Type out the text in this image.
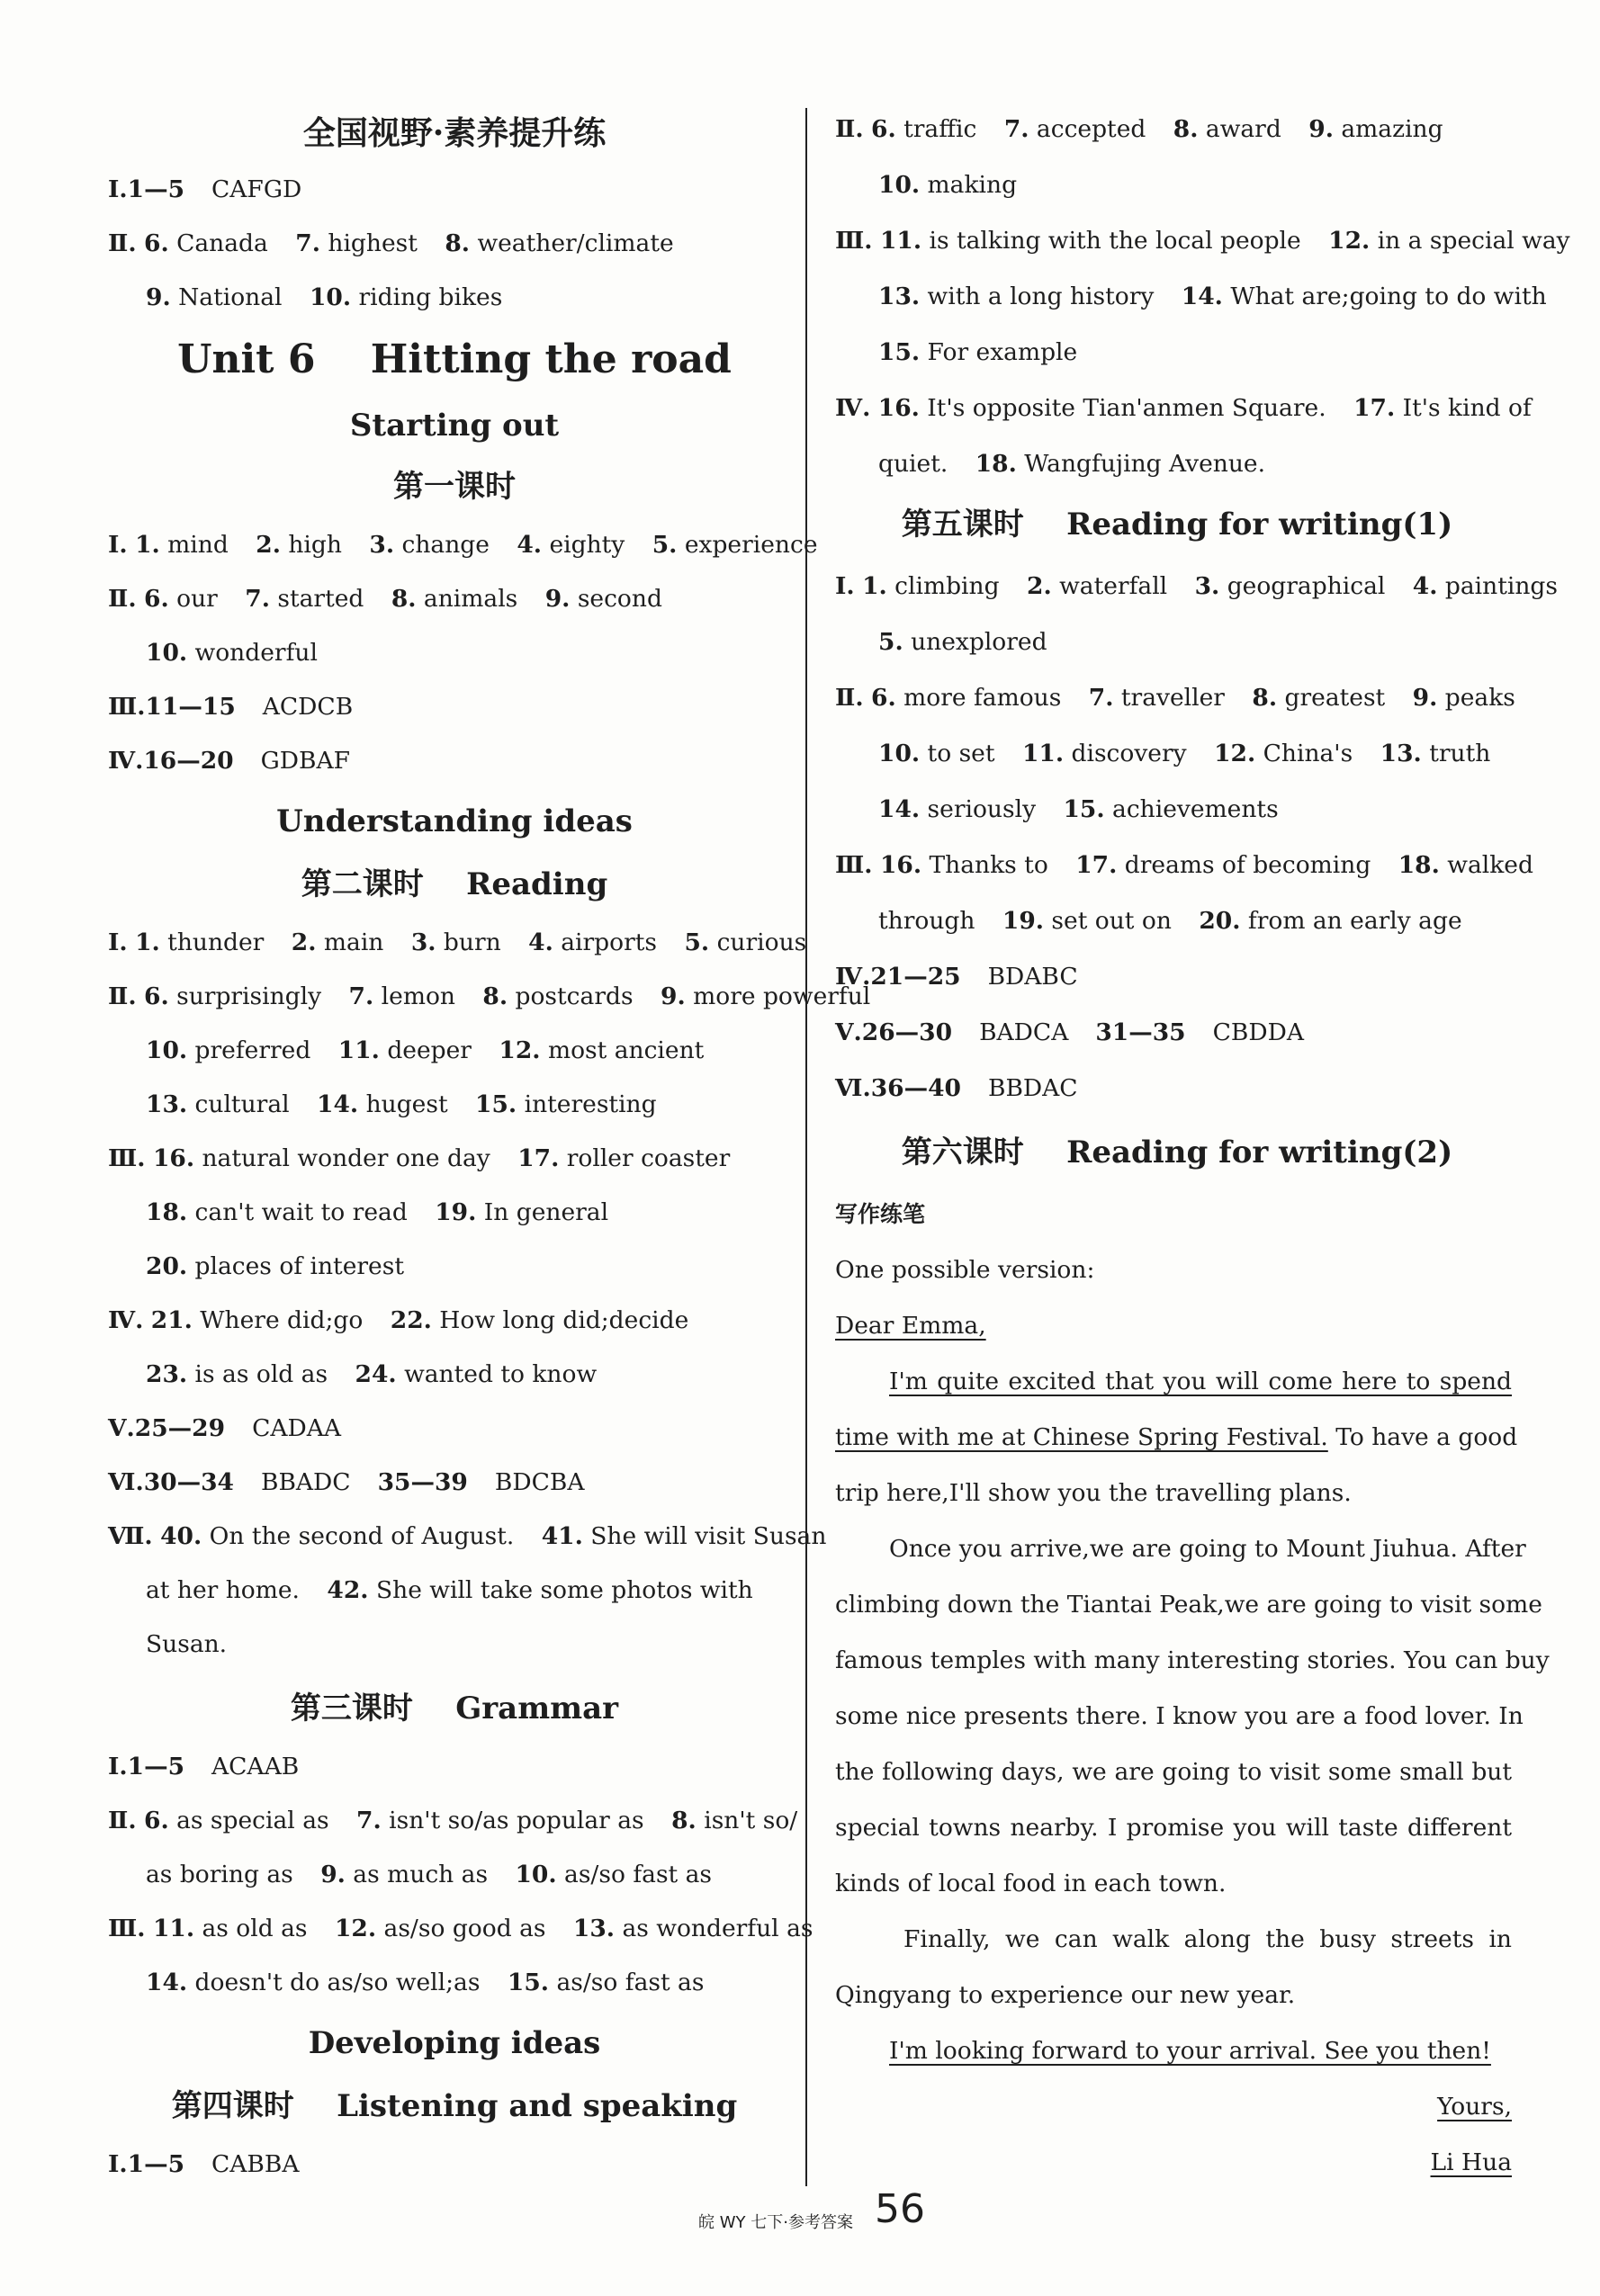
全国视野·素养提升练
Ⅰ.1—5 CAFGD
Ⅱ. 6. Canada 7. highest 8. weather/climate
9. National 10. riding bikes
Unit 6    Hitting the road
Starting out
第一课时
Ⅰ. 1. mind 2. high 3. change 4. eighty 5. experience
Ⅱ. 6. our 7. started 8. animals 9. second
10. wonderful
Ⅲ.11—15 ACDCB
Ⅳ.16—20 GDBAF
Understanding ideas
第二课时    Reading
Ⅰ. 1. thunder 2. main 3. burn 4. airports 5. curious
Ⅱ. 6. surprisingly 7. lemon 8. postcards 9. more powerful
10. preferred 11. deeper 12. most ancient
13. cultural 14. hugest 15. interesting
Ⅲ. 16. natural wonder one day 17. roller coaster
18. can't wait to read 19. In general
20. places of interest
Ⅳ. 21. Where did;go 22. How long did;decide
23. is as old as 24. wanted to know
Ⅴ.25—29 CADAA
Ⅵ.30—34 BBADC 35—39 BDCBA
Ⅶ. 40. On the second of August. 41. She will visit Susan
at her home. 42. She will take some photos with
Susan.
第三课时    Grammar
Ⅰ.1—5 ACAAB
Ⅱ. 6. as special as 7. isn't so/as popular as 8. isn't so/
as boring as 9. as much as 10. as/so fast as
Ⅲ. 11. as old as 12. as/so good as 13. as wonderful as
14. doesn't do as/so well;as 15. as/so fast as
Developing ideas
第四课时    Listening and speaking
Ⅰ.1—5 CABBA
Ⅱ. 6. traffic 7. accepted 8. award 9. amazing
10. making
Ⅲ. 11. is talking with the local people 12. in a special way
13. with a long history 14. What are;going to do with
15. For example
Ⅳ. 16. It's opposite Tian'anmen Square. 17. It's kind of
quiet. 18. Wangfujing Avenue.
第五课时    Reading for writing(1)
Ⅰ. 1. climbing 2. waterfall 3. geographical 4. paintings
5. unexplored
Ⅱ. 6. more famous 7. traveller 8. greatest 9. peaks
10. to set 11. discovery 12. China's 13. truth
14. seriously 15. achievements
Ⅲ. 16. Thanks to 17. dreams of becoming 18. walked
through 19. set out on 20. from an early age
Ⅳ.21—25 BDABC
Ⅴ.26—30 BADCA 31—35 CBDDA
Ⅵ.36—40 BBDAC
第六课时    Reading for writing(2)
写作练笔
One possible version:
Dear Emma,
I'm quite excited that you will come here to spend
time with me at Chinese Spring Festival. To have a good
trip here,I'll show you the travelling plans.
Once you arrive,we are going to Mount Jiuhua. After
climbing down the Tiantai Peak,we are going to visit some
famous temples with many interesting stories. You can buy
some nice presents there. I know you are a food lover. In
the following days, we are going to visit some small but
special towns nearby. I promise you will taste different
kinds of local food in each town.
Finally, we can walk along the busy streets in
Qingyang to experience our new year.
I'm looking forward to your arrival. See you then!
Yours,
Li Hua
皖 WY 七下·参考答案 56
